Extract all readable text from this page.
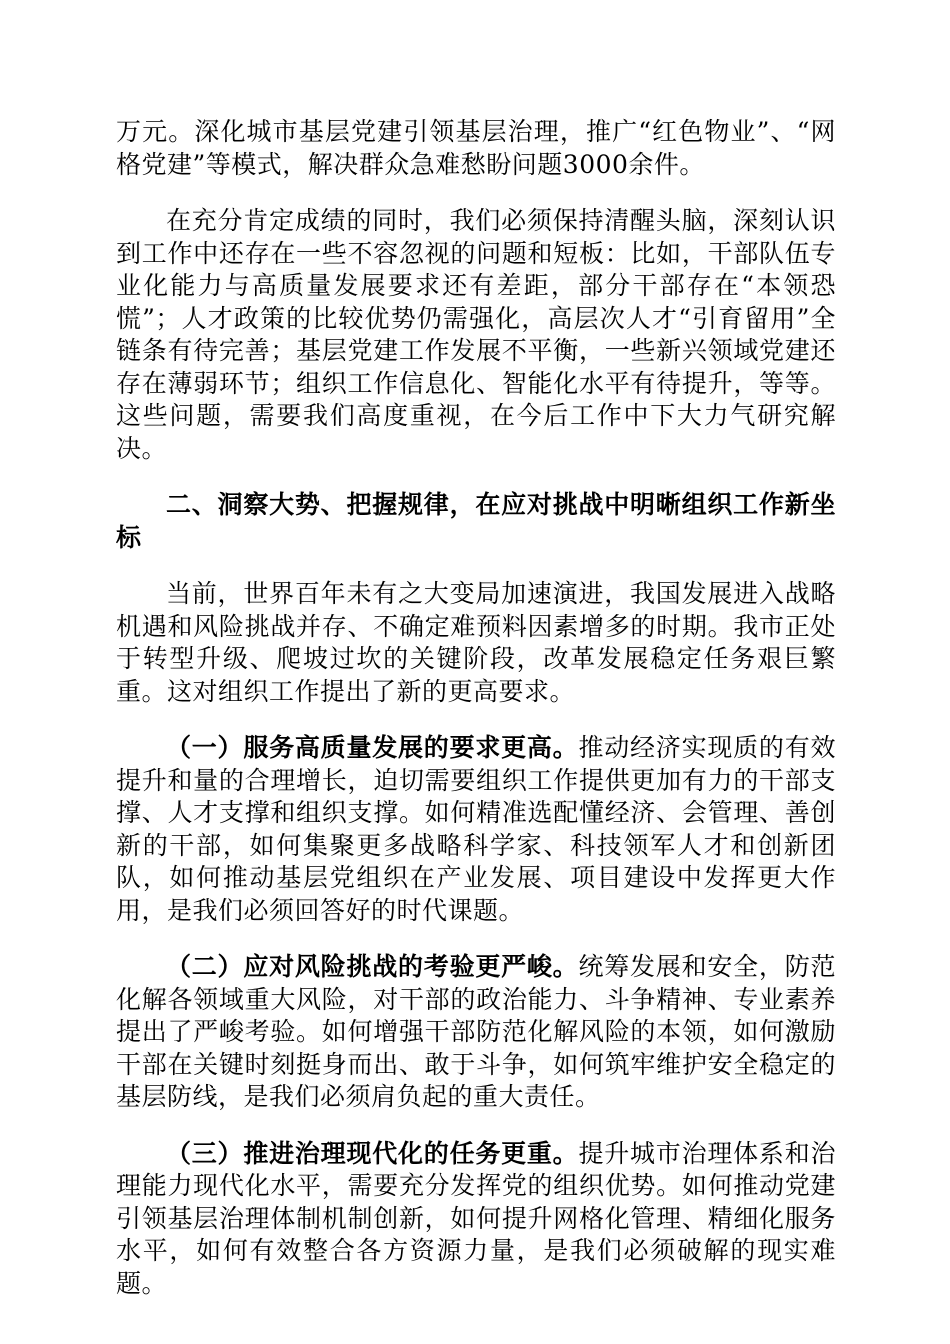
万元。深化城市基层党建引领基层治理，推广“红色物业”、“网格党建”等模式，解决群众急难愁盼问题3000余件。

在充分肯定成绩的同时，我们必须保持清醒头脑，深刻认识到工作中还存在一些不容忽视的问题和短板：比如，干部队伍专业化能力与高质量发展要求还有差距，部分干部存在“本领恐慌”；人才政策的比较优势仍需强化，高层次人才“引育留用”全链条有待完善；基层党建工作发展不平衡，一些新兴领域党建还存在薄弱环节；组织工作信息化、智能化水平有待提升，等等。这些问题，需要我们高度重视，在今后工作中下大力气研究解决。

二、洞察大势、把握规律，在应对挑战中明晰组织工作新坐标

当前，世界百年未有之大变局加速演进，我国发展进入战略机遇和风险挑战并存、不确定难预料因素增多的时期。我市正处于转型升级、爬坡过坎的关键阶段，改革发展稳定任务艰巨繁重。这对组织工作提出了新的更高要求。

（一）服务高质量发展的要求更高。推动经济实现质的有效提升和量的合理增长，迫切需要组织工作提供更加有力的干部支撑、人才支撑和组织支撑。如何精准选配懂经济、会管理、善创新的干部，如何集聚更多战略科学家、科技领军人才和创新团队，如何推动基层党组织在产业发展、项目建设中发挥更大作用，是我们必须回答好的时代课题。

（二）应对风险挑战的考验更严峻。统筹发展和安全，防范化解各领域重大风险，对干部的政治能力、斗争精神、专业素养提出了严峻考验。如何增强干部防范化解风险的本领，如何激励干部在关键时刻挺身而出、敢于斗争，如何筑牢维护安全稳定的基层防线，是我们必须肩负起的重大责任。

（三）推进治理现代化的任务更重。提升城市治理体系和治理能力现代化水平，需要充分发挥党的组织优势。如何推动党建引领基层治理体制机制创新，如何提升网格化管理、精细化服务水平，如何有效整合各方资源力量，是我们必须破解的现实难题。
